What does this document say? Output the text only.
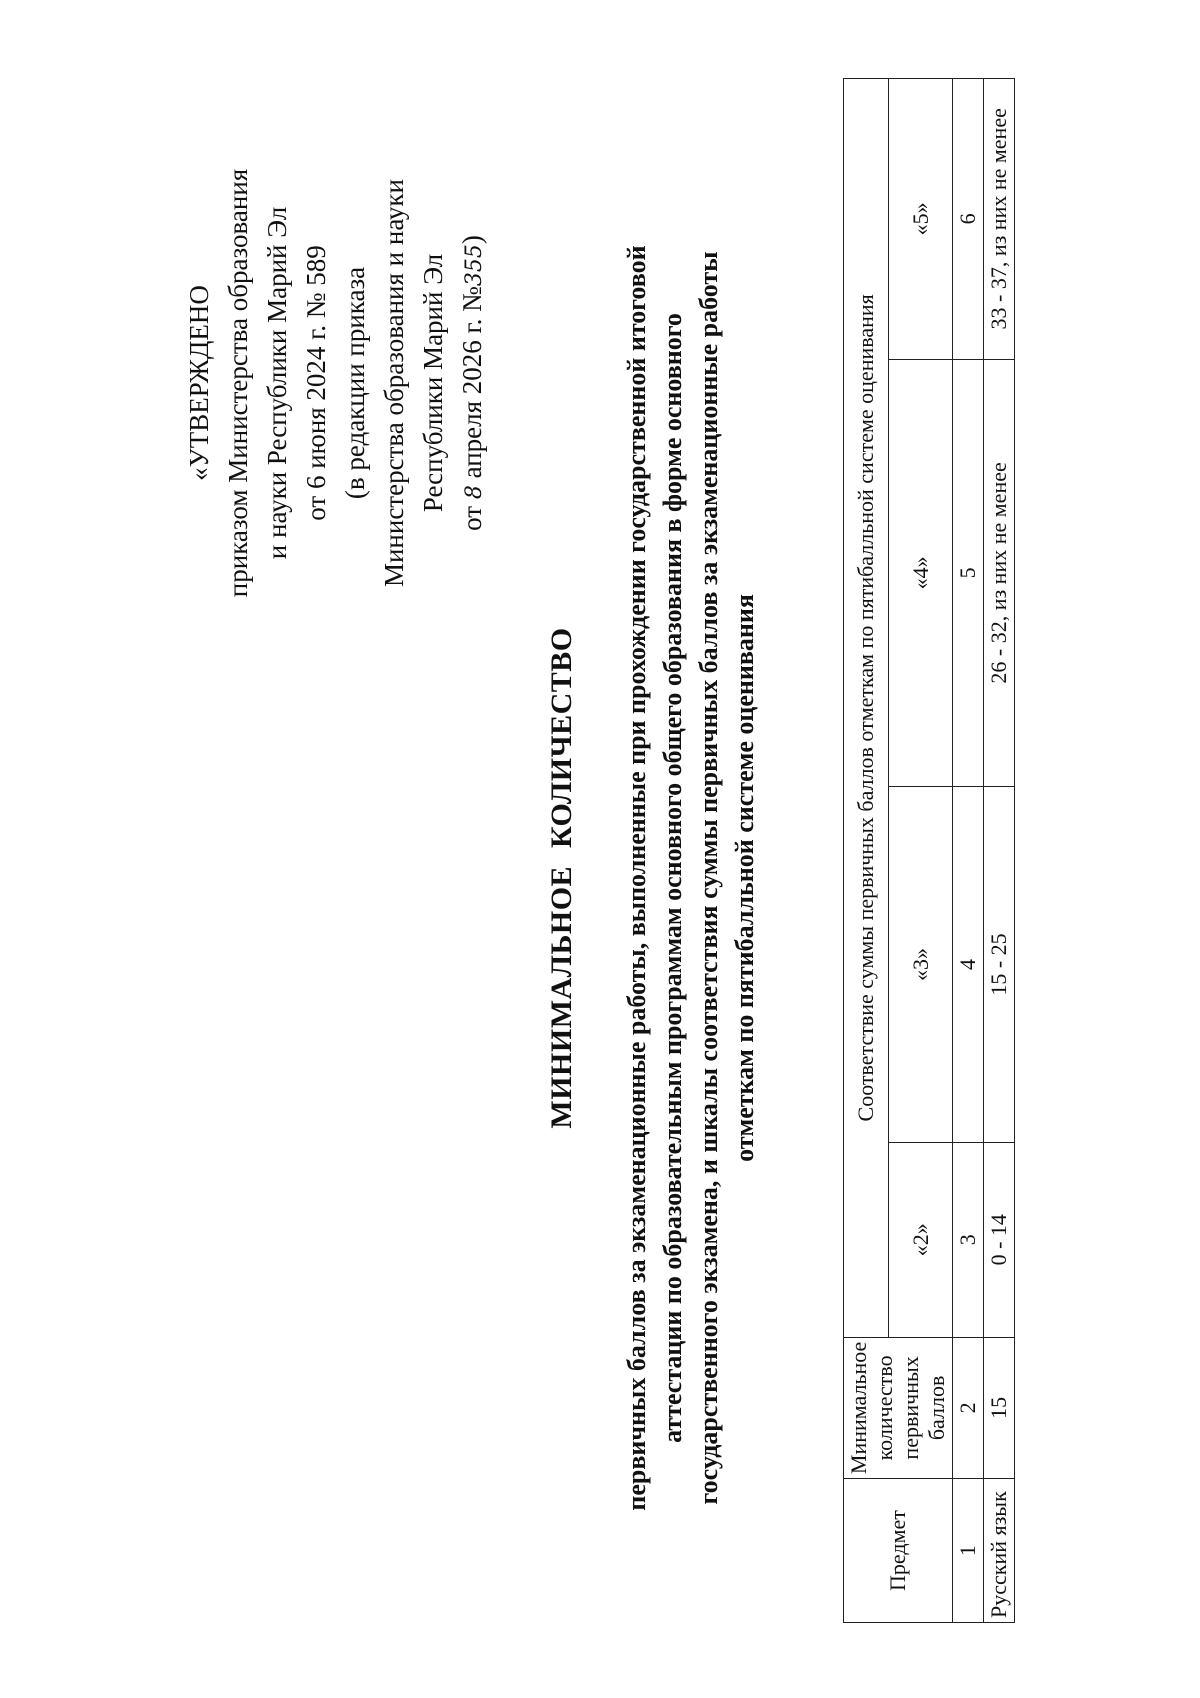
«УТВЕРЖДЕНО приказом Министерства образования и науки Республики Марий Эл от 6 июня 2024 г. № 589 (в редакции приказа Министерства образования и науки Республики Марий Эл
от 8 апреля 2026 г. №355)

МИНИМАЛЬНОЕ КОЛИЧЕСТВО первичных баллов за экзаменационные работы, выполненные при прохождении государственной итоговой аттестации по образовательным программам основного общего образования в форме основного государственного экзамена, и шкалы соответствия суммы первичных баллов за экзаменационные работы отметкам по пятибалльной системе оценивания

Предмет	Минимальное количество первичных баллов	Соответствие суммы первичных баллов отметкам по пятибалльной системе оценивания			
		«2»	«3»	«4»	«5»
1	2	3	4	5	6
Русский язык	15	0 - 14	15 - 25	26 - 32, из них не менее	33 - 37, из них не менее
